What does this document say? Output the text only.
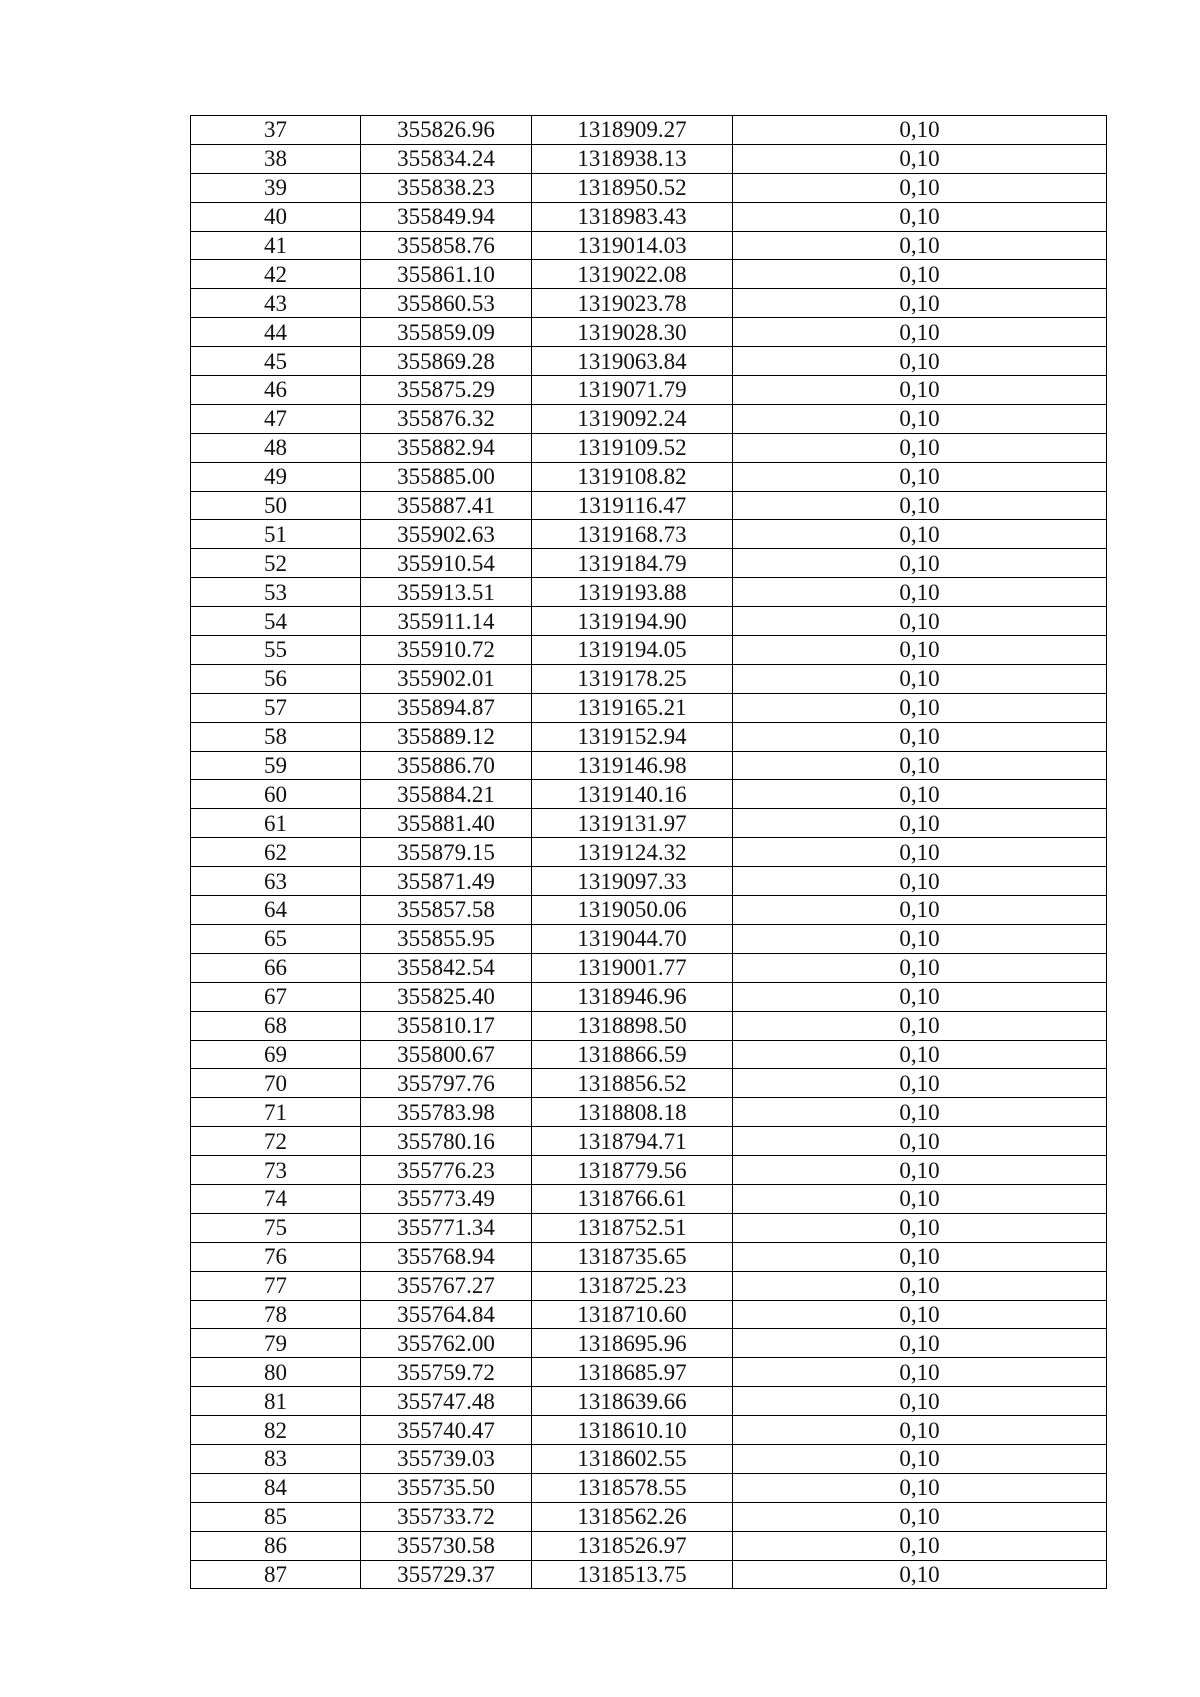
37	355826.96	1318909.27	0,10
38	355834.24	1318938.13	0,10
39	355838.23	1318950.52	0,10
40	355849.94	1318983.43	0,10
41	355858.76	1319014.03	0,10
42	355861.10	1319022.08	0,10
43	355860.53	1319023.78	0,10
44	355859.09	1319028.30	0,10
45	355869.28	1319063.84	0,10
46	355875.29	1319071.79	0,10
47	355876.32	1319092.24	0,10
48	355882.94	1319109.52	0,10
49	355885.00	1319108.82	0,10
50	355887.41	1319116.47	0,10
51	355902.63	1319168.73	0,10
52	355910.54	1319184.79	0,10
53	355913.51	1319193.88	0,10
54	355911.14	1319194.90	0,10
55	355910.72	1319194.05	0,10
56	355902.01	1319178.25	0,10
57	355894.87	1319165.21	0,10
58	355889.12	1319152.94	0,10
59	355886.70	1319146.98	0,10
60	355884.21	1319140.16	0,10
61	355881.40	1319131.97	0,10
62	355879.15	1319124.32	0,10
63	355871.49	1319097.33	0,10
64	355857.58	1319050.06	0,10
65	355855.95	1319044.70	0,10
66	355842.54	1319001.77	0,10
67	355825.40	1318946.96	0,10
68	355810.17	1318898.50	0,10
69	355800.67	1318866.59	0,10
70	355797.76	1318856.52	0,10
71	355783.98	1318808.18	0,10
72	355780.16	1318794.71	0,10
73	355776.23	1318779.56	0,10
74	355773.49	1318766.61	0,10
75	355771.34	1318752.51	0,10
76	355768.94	1318735.65	0,10
77	355767.27	1318725.23	0,10
78	355764.84	1318710.60	0,10
79	355762.00	1318695.96	0,10
80	355759.72	1318685.97	0,10
81	355747.48	1318639.66	0,10
82	355740.47	1318610.10	0,10
83	355739.03	1318602.55	0,10
84	355735.50	1318578.55	0,10
85	355733.72	1318562.26	0,10
86	355730.58	1318526.97	0,10
87	355729.37	1318513.75	0,10
